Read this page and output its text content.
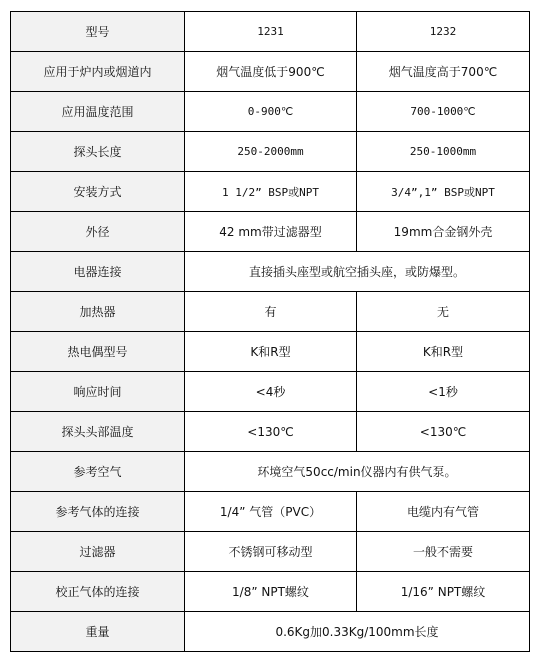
型号	1231	1232
应用于炉内或烟道内	烟气温度低于900℃	烟气温度高于700℃
应用温度范围	0-900℃	700-1000℃
探头长度	250-2000mm	250-1000mm
安装方式	1 1/2” BSP或NPT	3/4”,1” BSP或NPT
外径	42 mm带过滤器型	19mm合金钢外壳
电器连接	直接插头座型或航空插头座，或防爆型。	
加热器	有	无
热电偶型号	K和R型	K和R型
响应时间	<4秒	<1秒
探头头部温度	<130℃	<130℃
参考空气	环境空气50cc/min仪器内有供气泵。	
参考气体的连接	1/4” 气管（PVC）	电缆内有气管
过滤器	不锈钢可移动型	一般不需要
校正气体的连接	1/8” NPT螺纹	1/16” NPT螺纹
重量	0.6Kg加0.33Kg/100mm长度	
